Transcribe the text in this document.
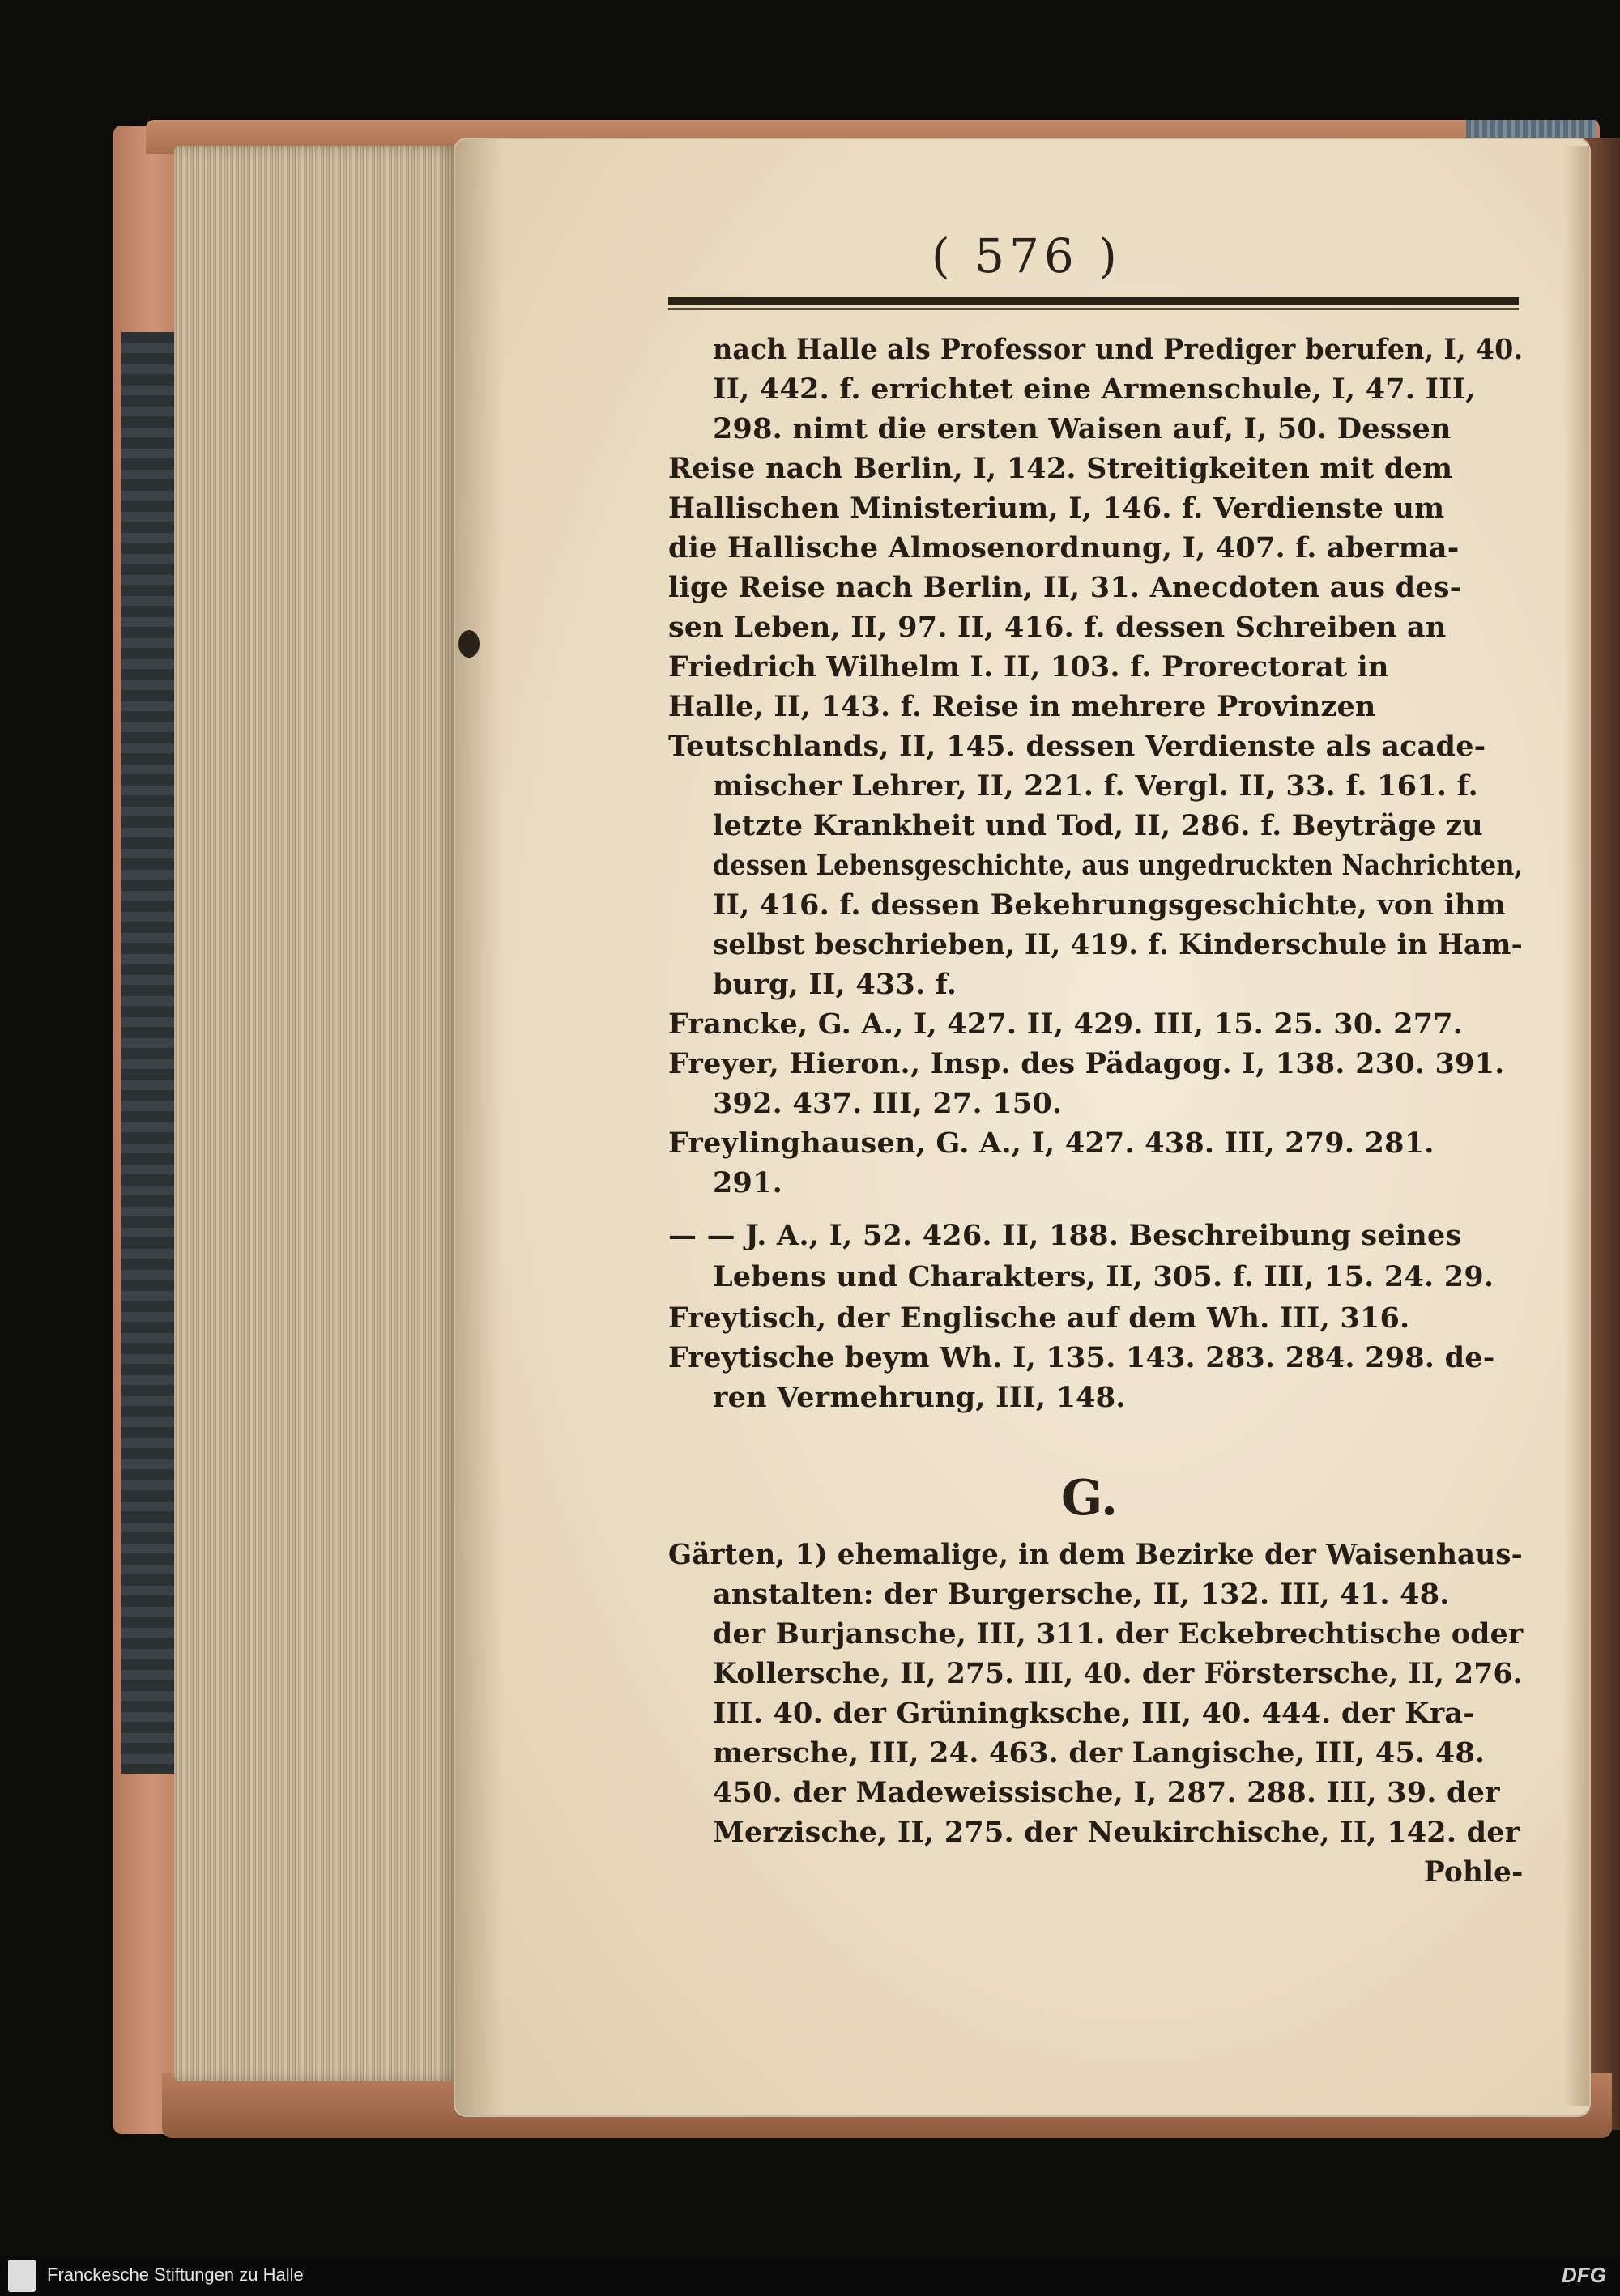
( 576 )
nach Halle als Professor und Prediger berufen, I, 40.
II, 442. f. errichtet eine Armenschule, I, 47. III,
298. nimt die ersten Waisen auf, I, 50. Dessen
Reise nach Berlin, I, 142. Streitigkeiten mit dem
Hallischen Ministerium, I, 146. f. Verdienste um
die Hallische Almosenordnung, I, 407. f. aberma-
lige Reise nach Berlin, II, 31. Anecdoten aus des-
sen Leben, II, 97. II, 416. f. dessen Schreiben an
Friedrich Wilhelm I. II, 103. f. Prorectorat in
Halle, II, 143. f. Reise in mehrere Provinzen
Teutschlands, II, 145. dessen Verdienste als acade-
mischer Lehrer, II, 221. f. Vergl. II, 33. f. 161. f.
letzte Krankheit und Tod, II, 286. f. Beyträge zu
dessen Lebensgeschichte, aus ungedruckten Nachrichten,
II, 416. f. dessen Bekehrungsgeschichte, von ihm
selbst beschrieben, II, 419. f. Kinderschule in Ham-
burg, II, 433. f.
Francke, G. A., I, 427. II, 429. III, 15. 25. 30. 277.
Freyer, Hieron., Insp. des Pädagog. I, 138. 230. 391.
392. 437. III, 27. 150.
Freylinghausen, G. A., I, 427. 438. III, 279. 281.
291.
— — J. A., I, 52. 426. II, 188. Beschreibung seines
Lebens und Charakters, II, 305. f. III, 15. 24. 29.
Freytisch, der Englische auf dem Wh. III, 316.
Freytische beym Wh. I, 135. 143. 283. 284. 298. de-
ren Vermehrung, III, 148.
Gärten, 1) ehemalige, in dem Bezirke der Waisenhaus-
anstalten: der Burgersche, II, 132. III, 41. 48.
der Burjansche, III, 311. der Eckebrechtische oder
Kollersche, II, 275. III, 40. der Förstersche, II, 276.
III. 40. der Grüningksche, III, 40. 444. der Kra-
mersche, III, 24. 463. der Langische, III, 45. 48.
450. der Madeweissische, I, 287. 288. III, 39. der
Merzische, II, 275. der Neukirchische, II, 142. der
Pohle-
G.
Franckesche Stiftungen zu Halle	DFG
